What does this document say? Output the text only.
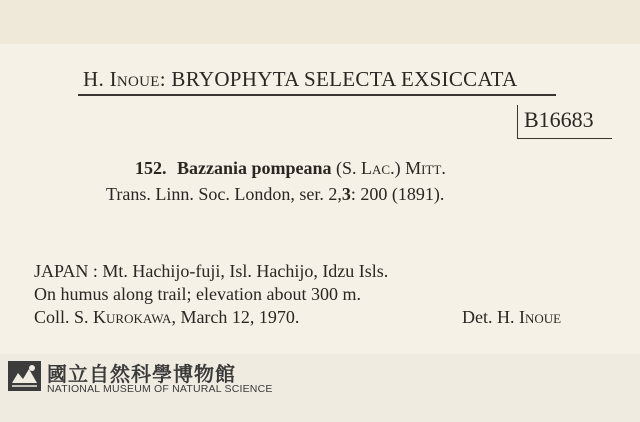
H. Inoue: BRYOPHYTA SELECTA EXSICCATA
B16683
152. Bazzania pompeana (S. Lac.) Mitt.
Trans. Linn. Soc. London, ser. 2,3: 200 (1891).
JAPAN : Mt. Hachijo-fuji, Isl. Hachijo, Idzu Isls.
On humus along trail; elevation about 300 m.
Coll. S. Kurokawa, March 12, 1970.	Det. H. Inoue
國立自然科學博物館
NATIONAL MUSEUM OF NATURAL SCIENCE
